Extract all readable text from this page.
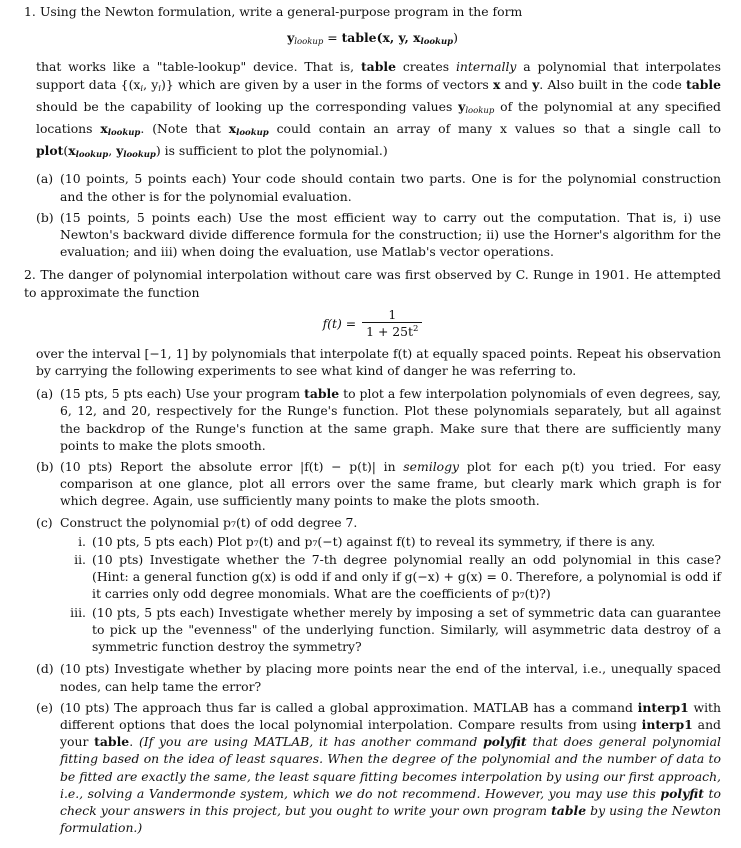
1. Using the Newton formulation, write a general-purpose program in the form

$y_{lookup}$ = table(x, y, $x_{lookup}$)

that works like a "table-lookup" device. That is, table creates internally a polynomial that interpolates support data {($x_i$, $y_i$)} which are given by a user in the forms of vectors x and y. Also built in the code table should be the capability of looking up the corresponding values $y_{lookup}$ of the polynomial at any specified locations $x_{lookup}$. (Note that $x_{lookup}$ could contain an array of many x values so that a single call to $plot(x_{lookup}$, $y_{lookup}$) is sufficient to plot the polynomial.)

(a) (10 points, 5 points each) Your code should contain two parts. One is for the polynomial construction and the other is for the polynomial evaluation.
(b) (15 points, 5 points each) Use the most efficient way to carry out the computation. That is, i) use Newton's backward divide difference formula for the construction; ii) use the Horner's algorithm for the evaluation; and iii) when doing the evaluation, use Matlab's vector operations.

2. The danger of polynomial interpolation without care was first observed by C. Runge in 1901. He attempted to approximate the function

$f(t) = \frac{1}{1 + 25t^2}$

over the interval [−1, 1] by polynomials that interpolate f(t) at equally spaced points. Repeat his observation by carrying the following experiments to see what kind of danger he was referring to.

(a) (15 pts, 5 pts each) Use your program table to plot a few interpolation polynomials of even degrees, say, 6, 12, and 20, respectively for the Runge's function. Plot these polynomials separately, but all against the backdrop of the Runge's function at the same graph. Make sure that there are sufficiently many points to make the plots smooth.
(b) (10 pts) Report the absolute error |f(t) − p(t)| in semilogy plot for each p(t) you tried. For easy comparison at one glance, plot all errors over the same frame, but clearly mark which graph is for which degree. Again, use sufficiently many points to make the plots smooth.
(c) Construct the polynomial p₇(t) of odd degree 7.
i. (10 pts, 5 pts each) Plot p₇(t) and p₇(−t) against f(t) to reveal its symmetry, if there is any.
ii. (10 pts) Investigate whether the 7-th degree polynomial really an odd polynomial in this case? (Hint: a general function g(x) is odd if and only if g(−x) + g(x) = 0. Therefore, a polynomial is odd if it carries only odd degree monomials. What are the coefficients of p₇(t)?)
iii. (10 pts, 5 pts each) Investigate whether merely by imposing a set of symmetric data can guarantee to pick up the "evenness" of the underlying function. Similarly, will asymmetric data destroy of a symmetric function destroy the symmetry?
(d) (10 pts) Investigate whether by placing more points near the end of the interval, i.e., unequally spaced nodes, can help tame the error?
(e) (10 pts) The approach thus far is called a global approximation. MATLAB has a command interp1 with different options that does the local polynomial interpolation. Compare results from using interp1 and your table. (If you are using MATLAB, it has another command polyfit that does general polynomial fitting based on the idea of least squares. When the degree of the polynomial and the number of data to be fitted are exactly the same, the least square fitting becomes interpolation by using our first approach, i.e., solving a Vandermonde system, which we do not recommend. However, you may use this polyfit to check your answers in this project, but you ought to write your own program table by using the Newton formulation.)
